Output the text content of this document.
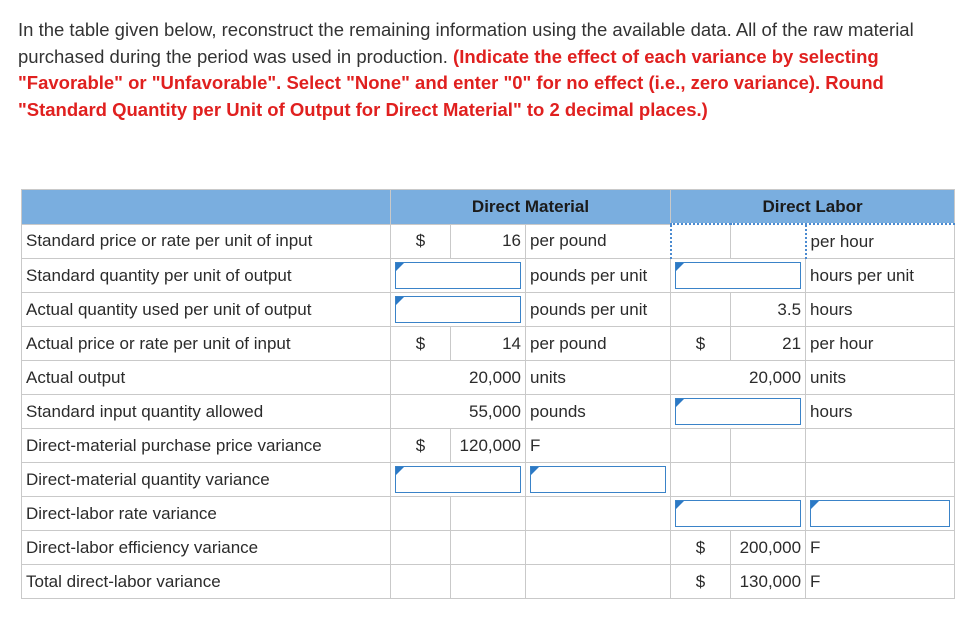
In the table given below, reconstruct the remaining information using the available data. All of the raw material purchased during the period was used in production. (Indicate the effect of each variance by selecting "Favorable" or "Unfavorable". Select "None" and enter "0" for no effect (i.e., zero variance). Round "Standard Quantity per Unit of Output for Direct Material" to 2 decimal places.)
	Direct Material			Direct Labor		
Standard price or rate per unit of input	$	16	per pound			per hour
Standard quantity per unit of output			pounds per unit			hours per unit
Actual quantity used per unit of output			pounds per unit		3.5	hours
Actual price or rate per unit of input	$	14	per pound	$	21	per hour
Actual output	20,000		units	20,000		units
Standard input quantity allowed	55,000		pounds			hours
Direct-material purchase price variance	$	120,000	F			
Direct-material quantity variance		

Direct-labor rate variance					

Direct-labor efficiency variance				$	200,000	F
Total direct-labor variance				$	130,000	F
